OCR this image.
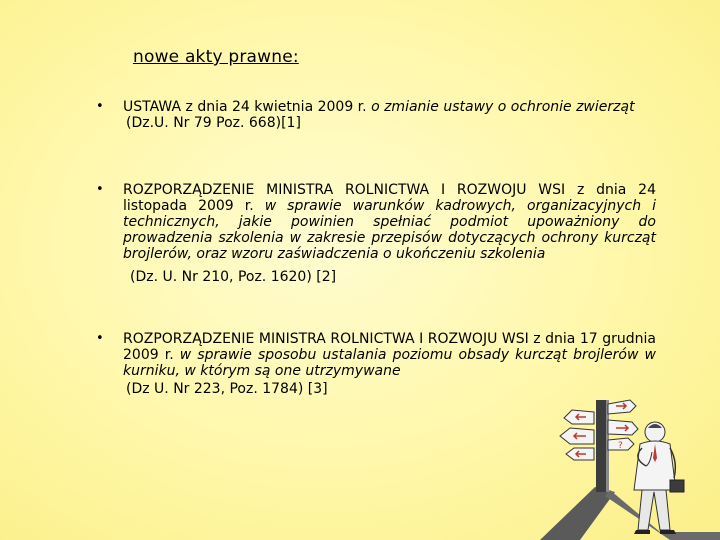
nowe akty prawne:
• USTAWA z dnia 24 kwietnia 2009 r. o zmianie ustawy o ochronie zwierząt
(Dz.U. Nr 79 Poz. 668)[1]
• ROZPORZĄDZENIE MINISTRA ROLNICTWA I ROZWOJU WSI z dnia 24 listopada 2009 r. w sprawie warunków kadrowych, organizacyjnych i technicznych, jakie powinien spełniać podmiot upoważniony do prowadzenia szkolenia w zakresie przepisów dotyczących ochrony kurcząt brojlerów, oraz wzoru zaświadczenia o ukończeniu szkolenia
(Dz. U. Nr 210, Poz. 1620) [2]
• ROZPORZĄDZENIE MINISTRA ROLNICTWA I ROZWOJU WSI z dnia 17 grudnia 2009 r. w sprawie sposobu ustalania poziomu obsady kurcząt brojlerów w kurniku, w którym są one utrzymywane
(Dz U. Nr 223, Poz. 1784) [3]
?
